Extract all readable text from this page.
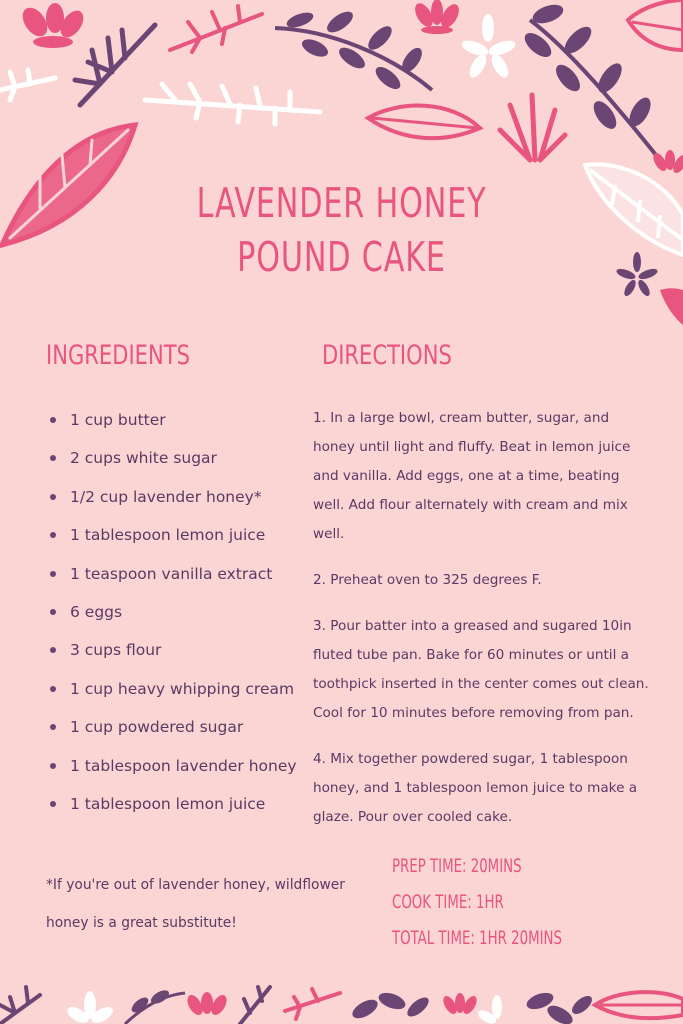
LAVENDER HONEY
POUND CAKE
INGREDIENTS
1 cup butter
2 cups white sugar
1/2 cup lavender honey*
1 tablespoon lemon juice
1 teaspoon vanilla extract
6 eggs
3 cups flour
1 cup heavy whipping cream
1 cup powdered sugar
1 tablespoon lavender honey
1 tablespoon lemon juice
DIRECTIONS

1. In a large bowl, cream butter, sugar, and honey until light and fluffy. Beat in lemon juice and vanilla. Add eggs, one at a time, beating well. Add flour alternately with cream and mix well.

2. Preheat oven to 325 degrees F.

3. Pour batter into a greased and sugared 10in fluted tube pan. Bake for 60 minutes or until a toothpick inserted in the center comes out clean. Cool for 10 minutes before removing from pan.

4. Mix together powdered sugar, 1 tablespoon honey, and 1 tablespoon lemon juice to make a glaze. Pour over cooled cake.

*If you're out of lavender honey, wildflower honey is a great substitute!
PREP TIME: 20MINS
COOK TIME: 1HR
TOTAL TIME: 1HR 20MINS
